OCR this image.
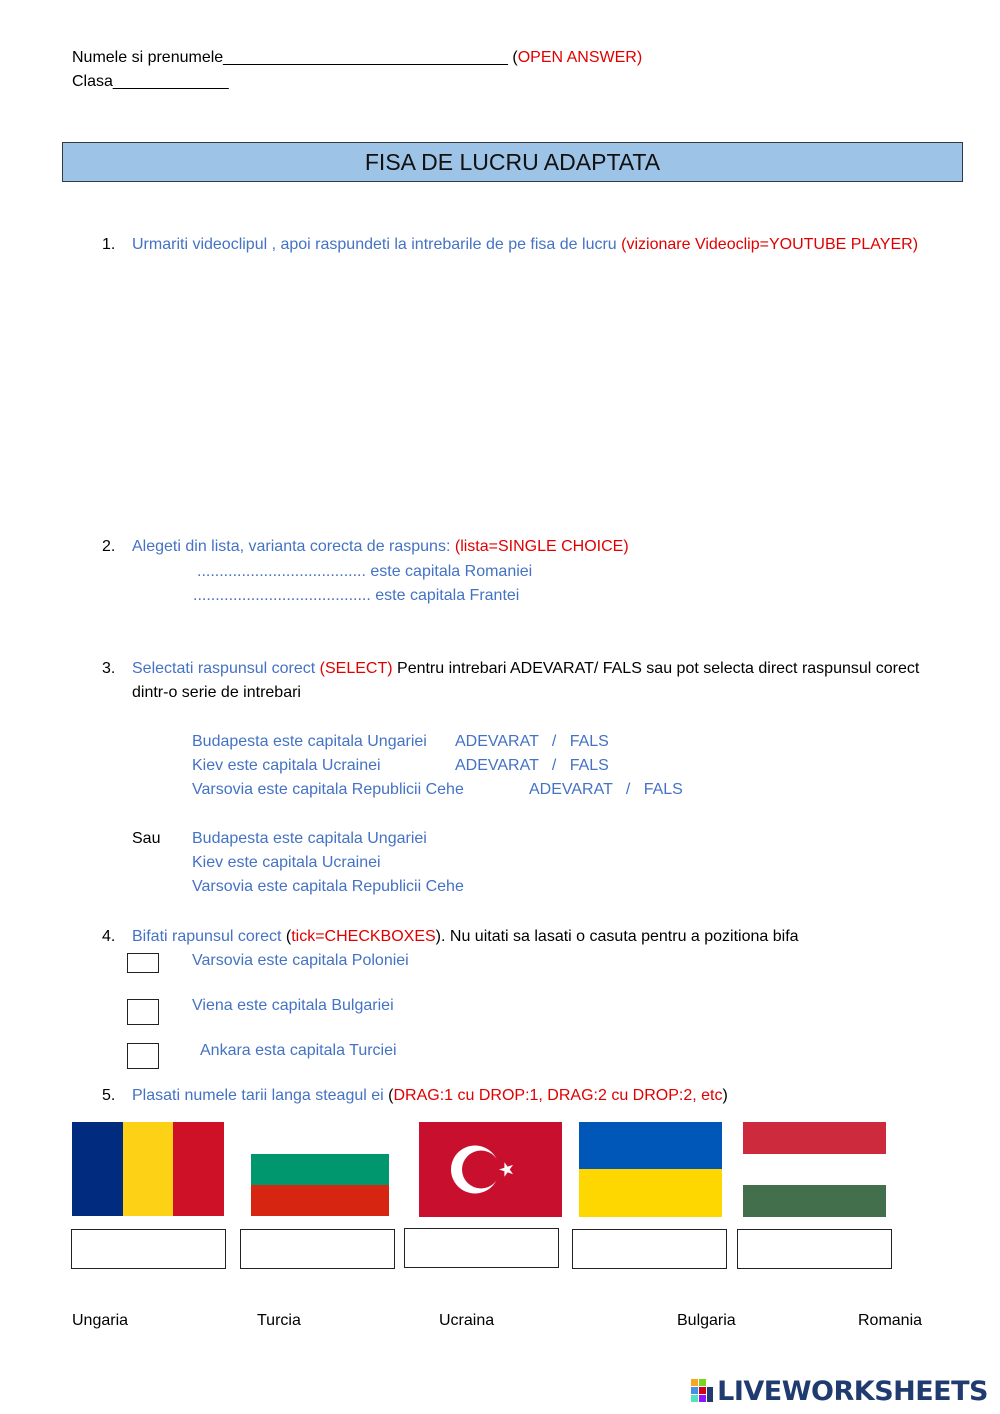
Numele si prenumele________________________________ (OPEN ANSWER)
Clasa_____________
FISA DE LUCRU ADAPTATA
1.	Urmariti videoclipul , apoi raspundeti la intrebarile de pe fisa de lucru (vizionare Videoclip=YOUTUBE PLAYER)
2.	Alegeti din lista, varianta corecta de raspuns: (lista=SINGLE CHOICE)
...................................... este capitala Romaniei
........................................ este capitala Frantei
3.	Selectati raspunsul corect (SELECT) Pentru intrebari ADEVARAT/ FALS sau pot selecta direct raspunsul corect
dintr-o serie de intrebari
Budapesta este capitala Ungariei ADEVARAT   /   FALS
Kiev este capitala Ucrainei	ADEVARAT   /   FALS
Varsovia este capitala Republicii Cehe	ADEVARAT   /   FALS
Sau Budapesta este capitala Ungariei
Kiev este capitala Ucrainei
Varsovia este capitala Republicii Cehe
4.	Bifati rapunsul corect (tick=CHECKBOXES). Nu uitati sa lasati o casuta pentru a pozitiona bifa
Varsovia este capitala Poloniei
Viena este capitala Bulgariei
Ankara esta capitala Turciei
5.	Plasati numele tarii langa steagul ei (DRAG:1 cu DROP:1, DRAG:2 cu DROP:2, etc)
Ungaria	Turcia	Ucraina	Bulgaria	Romania
LIVEWORKSHEETS
